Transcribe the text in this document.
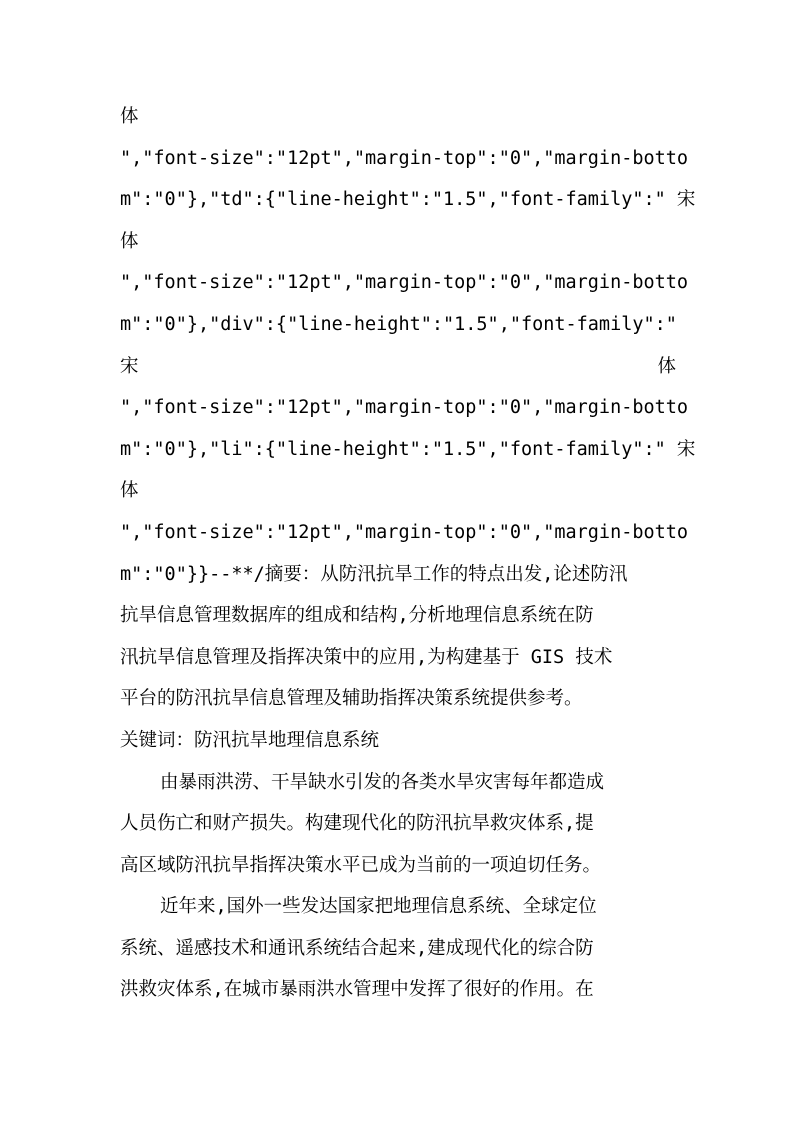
体
","font-size":"12pt","margin-top":"0","margin-botto
m":"0"},"td":{"line-height":"1.5","font-family":" 宋
体
","font-size":"12pt","margin-top":"0","margin-botto
m":"0"},"div":{"line-height":"1.5","font-family":"
宋	体
","font-size":"12pt","margin-top":"0","margin-botto
m":"0"},"li":{"line-height":"1.5","font-family":" 宋
体
","font-size":"12pt","margin-top":"0","margin-botto
m":"0"}}--**/摘要：从防汛抗旱工作的特点出发,论述防汛
抗旱信息管理数据库的组成和结构,分析地理信息系统在防
汛抗旱信息管理及指挥决策中的应用,为构建基于 GIS 技术
平台的防汛抗旱信息管理及辅助指挥决策系统提供参考。
关键词：防汛抗旱地理信息系统
由暴雨洪涝、干旱缺水引发的各类水旱灾害每年都造成
人员伤亡和财产损失。构建现代化的防汛抗旱救灾体系,提
高区域防汛抗旱指挥决策水平已成为当前的一项迫切任务。
近年来,国外一些发达国家把地理信息系统、全球定位
系统、遥感技术和通讯系统结合起来,建成现代化的综合防
洪救灾体系,在城市暴雨洪水管理中发挥了很好的作用。在
